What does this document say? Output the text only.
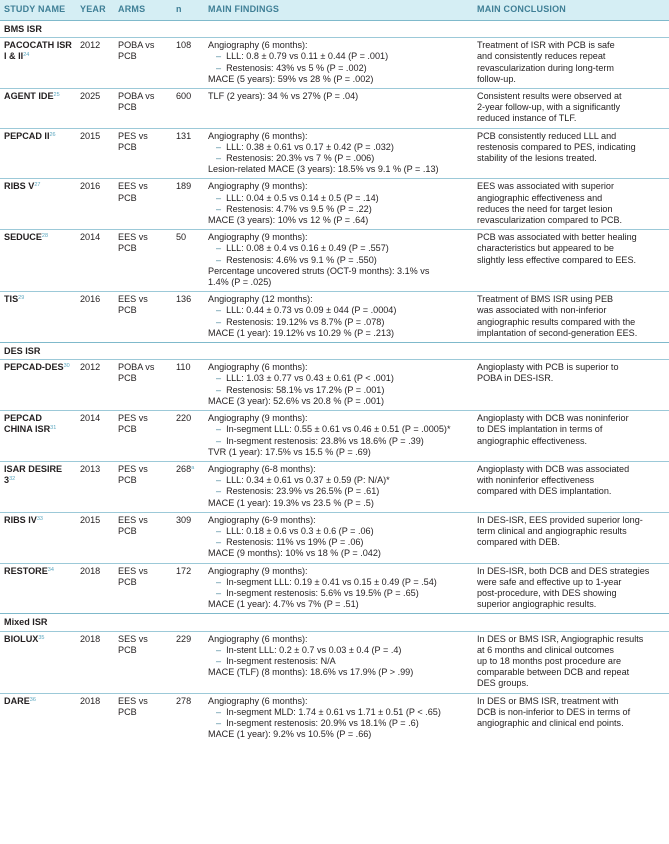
STUDY NAME	YEAR	ARMS	n	MAIN FINDINGS	MAIN CONCLUSION
BMS ISR					
PACOCATH ISR I & II$^{24}$	2012	POBA vs PCB	108	Angiography (6 months):
– LLL: 0.8 ± 0.79 vs 0.11 ± 0.44 (P = .001)
– Restenosis: 43% vs 5 % (P = .002)
MACE (5 years): 59% vs 28 % (P = .002)	Treatment of ISR with PCB is safe
and consistently reduces repeat
revascularization during long-term
follow-up.

AGENT IDE$^{25}$	2025	POBA vs PCB	600	TLF (2 years): 34 % vs 27% (P = .04)	Consistent results were observed at
2-year follow-up, with a significantly
reduced instance of TLF.

PEPCAD II$^{26}$	2015	PES vs PCB	131	Angiography (6 months):
– LLL: 0.38 ± 0.61 vs 0.17 ± 0.42 (P = .032)
– Restenosis: 20.3% vs 7 % (P = .006)
Lesion-related MACE (3 years): 18.5% vs 9.1 % (P = .13)	PCB consistently reduced LLL and
restenosis compared to PES, indicating
stability of the lesions treated.

RIBS $V^{27}$	2016	EES vs PCB	189	Angiography (9 months):
– LLL: 0.04 ± 0.5 vs 0.14 ± 0.5 (P = .14)
– Restenosis: 4.7% vs 9.5 % (P = .22)
MACE (3 years): 10% vs 12 % (P = .64)	EES was associated with superior
angiographic effectiveness and
reduces the need for target lesion
revascularization compared to PCB.

SEDUCE$^{28}$	2014	EES vs PCB	50	Angiography (9 months):
– LLL: 0.08 ± 0.4 vs 0.16 ± 0.49 (P = .557)
– Restenosis: 4.6% vs 9.1 % (P = .550)
Percentage uncovered struts (OCT-9 months): 3.1% vs
1.4% (P = .025)	PCB was associated with better healing
characteristics but appeared to be
slightly less effective compared to EES.

TIS$^{29}$	2016	EES vs PCB	136	Angiography (12 months):
– LLL: 0.44 ± 0.73 vs 0.09 ± 044 (P = .0004)
– Restenosis: 19.12% vs 8.7% (P = .078)
MACE (1 year): 19.12% vs 10.29 % (P = .213)	Treatment of BMS ISR using PEB
was associated with non-inferior
angiographic results compared with the
implantation of second-generation EES.

DES ISR					
PEPCAD-DES$^{30}$	2012	POBA vs PCB	110	Angiography (6 months):
– LLL: 1.03 ± 0.77 vs 0.43 ± 0.61 (P < .001)
– Restenosis: 58.1% vs 17.2% (P = .001)
MACE (3 year): 52.6% vs 20.8 % (P = .001)	Angioplasty with PCB is superior to
POBA in DES-ISR.

PEPCAD CHINA ISR$^{31}$	2014	PES vs PCB	220	Angiography (9 months):
– In-segment LLL: 0.55 ± 0.61 vs 0.46 ± 0.51 (P = .0005)*
– In-segment restenosis: 23.8% vs 18.6% (P = .39)
TVR (1 year): 17.5% vs 15.5 % (P = .69)	Angioplasty with DCB was noninferior
to DES implantation in terms of
angiographic effectiveness.

ISAR DESIRE $3^{32}$	2013	PES vs PCB	268$^a$	Angiography (6-8 months):
– LLL: 0.34 ± 0.61 vs 0.37 ± 0.59 (P: N/A)*
– Restenosis: 23.9% vs 26.5% (P = .61)
MACE (1 year): 19.3% vs 23.5 % (P = .5)	Angioplasty with DCB was associated
with noninferior effectiveness
compared with DES implantation.

RIBS IV$^{33}$	2015	EES vs PCB	309	Angiography (6-9 months):
– LLL: 0.18 ± 0.6 vs 0.3 ± 0.6 (P = .06)
– Restenosis: 11% vs 19% (P = .06)
MACE (9 months): 10% vs 18 % (P = .042)	In DES-ISR, EES provided superior long-
term clinical and angiographic results
compared with DEB.

RESTORE$^{34}$	2018	EES vs PCB	172	Angiography (9 months):
– In-segment LLL: 0.19 ± 0.41 vs 0.15 ± 0.49 (P = .54)
– In-segment restenosis: 5.6% vs 19.5% (P = .65)
MACE (1 year): 4.7% vs 7% (P = .51)	In DES-ISR, both DCB and DES strategies
were safe and effective up to 1-year
post-procedure, with DES showing
superior angiographic results.

Mixed ISR					
BIOLUX$^{35}$	2018	SES vs PCB	229	Angiography (6 months):
– In-stent LLL: 0.2 ± 0.7 vs 0.03 ± 0.4 (P = .4)
– In-segment restenosis: N/A
MACE (TLF) (8 months): 18.6% vs 17.9% (P > .99)	In DES or BMS ISR, Angiographic results
at 6 months and clinical outcomes
up to 18 months post procedure are
comparable between DCB and repeat
DES groups.

DARE$^{36}$	2018	EES vs PCB	278	Angiography (6 months):
– In-segment MLD: 1.74 ± 0.61 vs 1.71 ± 0.51 (P < .65)
– In-segment restenosis: 20.9% vs 18.1% (P = .6)
MACE (1 year): 9.2% vs 10.5% (P = .66)	In DES or BMS ISR, treatment with
DCB is non-inferior to DES in terms of
angiographic and clinical end points.
